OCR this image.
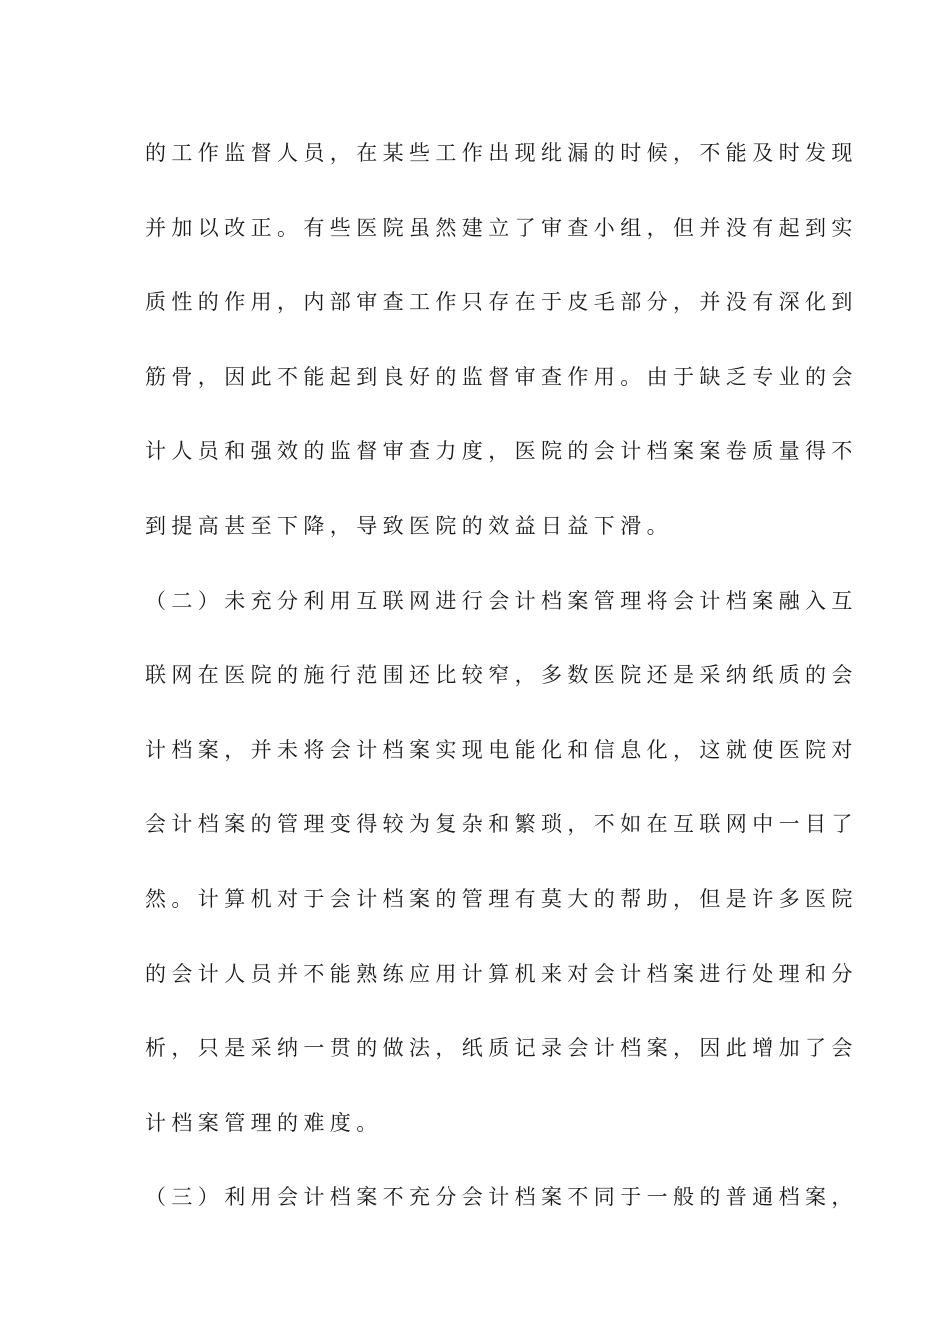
的工作监督人员，在某些工作出现纰漏的时候，不能及时发现
并加以改正。有些医院虽然建立了审查小组，但并没有起到实
质性的作用，内部审查工作只存在于皮毛部分，并没有深化到
筋骨，因此不能起到良好的监督审查作用。由于缺乏专业的会
计人员和强效的监督审查力度，医院的会计档案案卷质量得不
到提高甚至下降，导致医院的效益日益下滑。
（二）未充分利用互联网进行会计档案管理将会计档案融入互
联网在医院的施行范围还比较窄，多数医院还是采纳纸质的会
计档案，并未将会计档案实现电能化和信息化，这就使医院对
会计档案的管理变得较为复杂和繁琐，不如在互联网中一目了
然。计算机对于会计档案的管理有莫大的帮助，但是许多医院
的会计人员并不能熟练应用计算机来对会计档案进行处理和分
析，只是采纳一贯的做法，纸质记录会计档案，因此增加了会
计档案管理的难度。
（三）利用会计档案不充分会计档案不同于一般的普通档案，
